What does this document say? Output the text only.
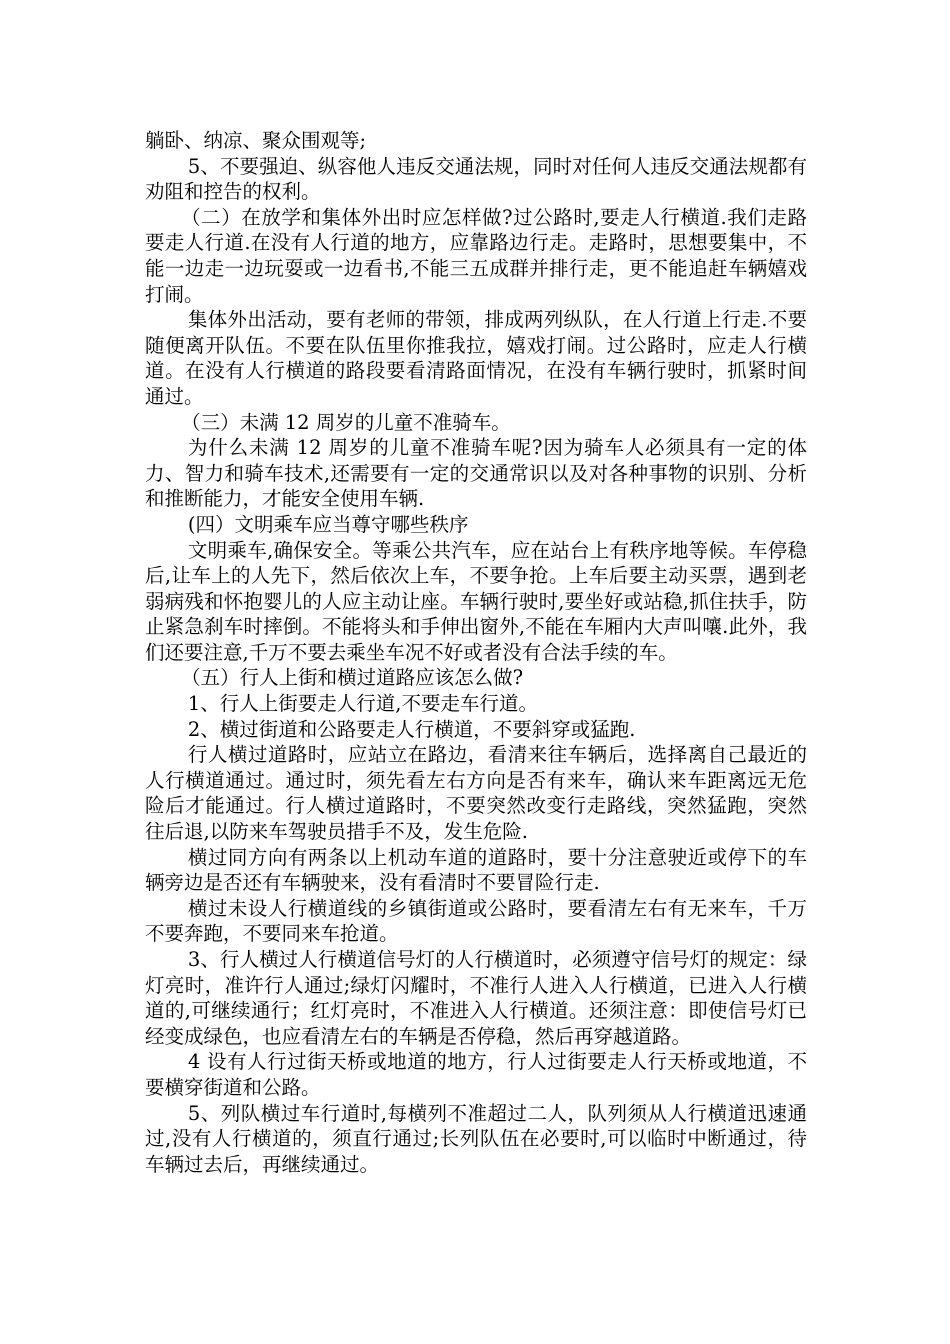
躺卧、纳凉、聚众围观等;

5、不要强迫、纵容他人违反交通法规，同时对任何人违反交通法规都有劝阻和控告的权利。

（二）在放学和集体外出时应怎样做?过公路时,要走人行横道.我们走路要走人行道.在没有人行道的地方，应靠路边行走。走路时，思想要集中，不能一边走一边玩耍或一边看书,不能三五成群并排行走，更不能追赶车辆嬉戏打闹。

集体外出活动，要有老师的带领，排成两列纵队，在人行道上行走.不要随便离开队伍。不要在队伍里你推我拉，嬉戏打闹。过公路时，应走人行横道。在没有人行横道的路段要看清路面情况，在没有车辆行驶时，抓紧时间通过。

（三）未满 12 周岁的儿童不准骑车。

为什么未满 12 周岁的儿童不准骑车呢?因为骑车人必须具有一定的体力、智力和骑车技术,还需要有一定的交通常识以及对各种事物的识别、分析和推断能力，才能安全使用车辆.

(四）文明乘车应当尊守哪些秩序

文明乘车,确保安全。等乘公共汽车，应在站台上有秩序地等候。车停稳后,让车上的人先下，然后依次上车，不要争抢。上车后要主动买票，遇到老弱病残和怀抱婴儿的人应主动让座。车辆行驶时,要坐好或站稳,抓住扶手，防止紧急刹车时摔倒。不能将头和手伸出窗外,不能在车厢内大声叫嚷.此外，我们还要注意,千万不要去乘坐车况不好或者没有合法手续的车。

（五）行人上街和横过道路应该怎么做?

1、行人上街要走人行道,不要走车行道。

2、横过街道和公路要走人行横道，不要斜穿或猛跑.

行人横过道路时，应站立在路边，看清来往车辆后，选择离自己最近的人行横道通过。通过时，须先看左右方向是否有来车，确认来车距离远无危险后才能通过。行人横过道路时，不要突然改变行走路线，突然猛跑，突然往后退,以防来车驾驶员措手不及，发生危险.

横过同方向有两条以上机动车道的道路时，要十分注意驶近或停下的车辆旁边是否还有车辆驶来，没有看清时不要冒险行走.

横过未设人行横道线的乡镇街道或公路时，要看清左右有无来车，千万不要奔跑，不要同来车抢道。

3、行人横过人行横道信号灯的人行横道时，必须遵守信号灯的规定：绿灯亮时，准许行人通过;绿灯闪耀时，不准行人进入人行横道，已进入人行横道的,可继续通行；红灯亮时，不准进入人行横道。还须注意：即使信号灯已经变成绿色，也应看清左右的车辆是否停稳，然后再穿越道路。

4 设有人行过街天桥或地道的地方，行人过街要走人行天桥或地道，不要横穿街道和公路。

5、列队横过车行道时,每横列不准超过二人，队列须从人行横道迅速通过,没有人行横道的，须直行通过;长列队伍在必要时,可以临时中断通过，待车辆过去后，再继续通过。
